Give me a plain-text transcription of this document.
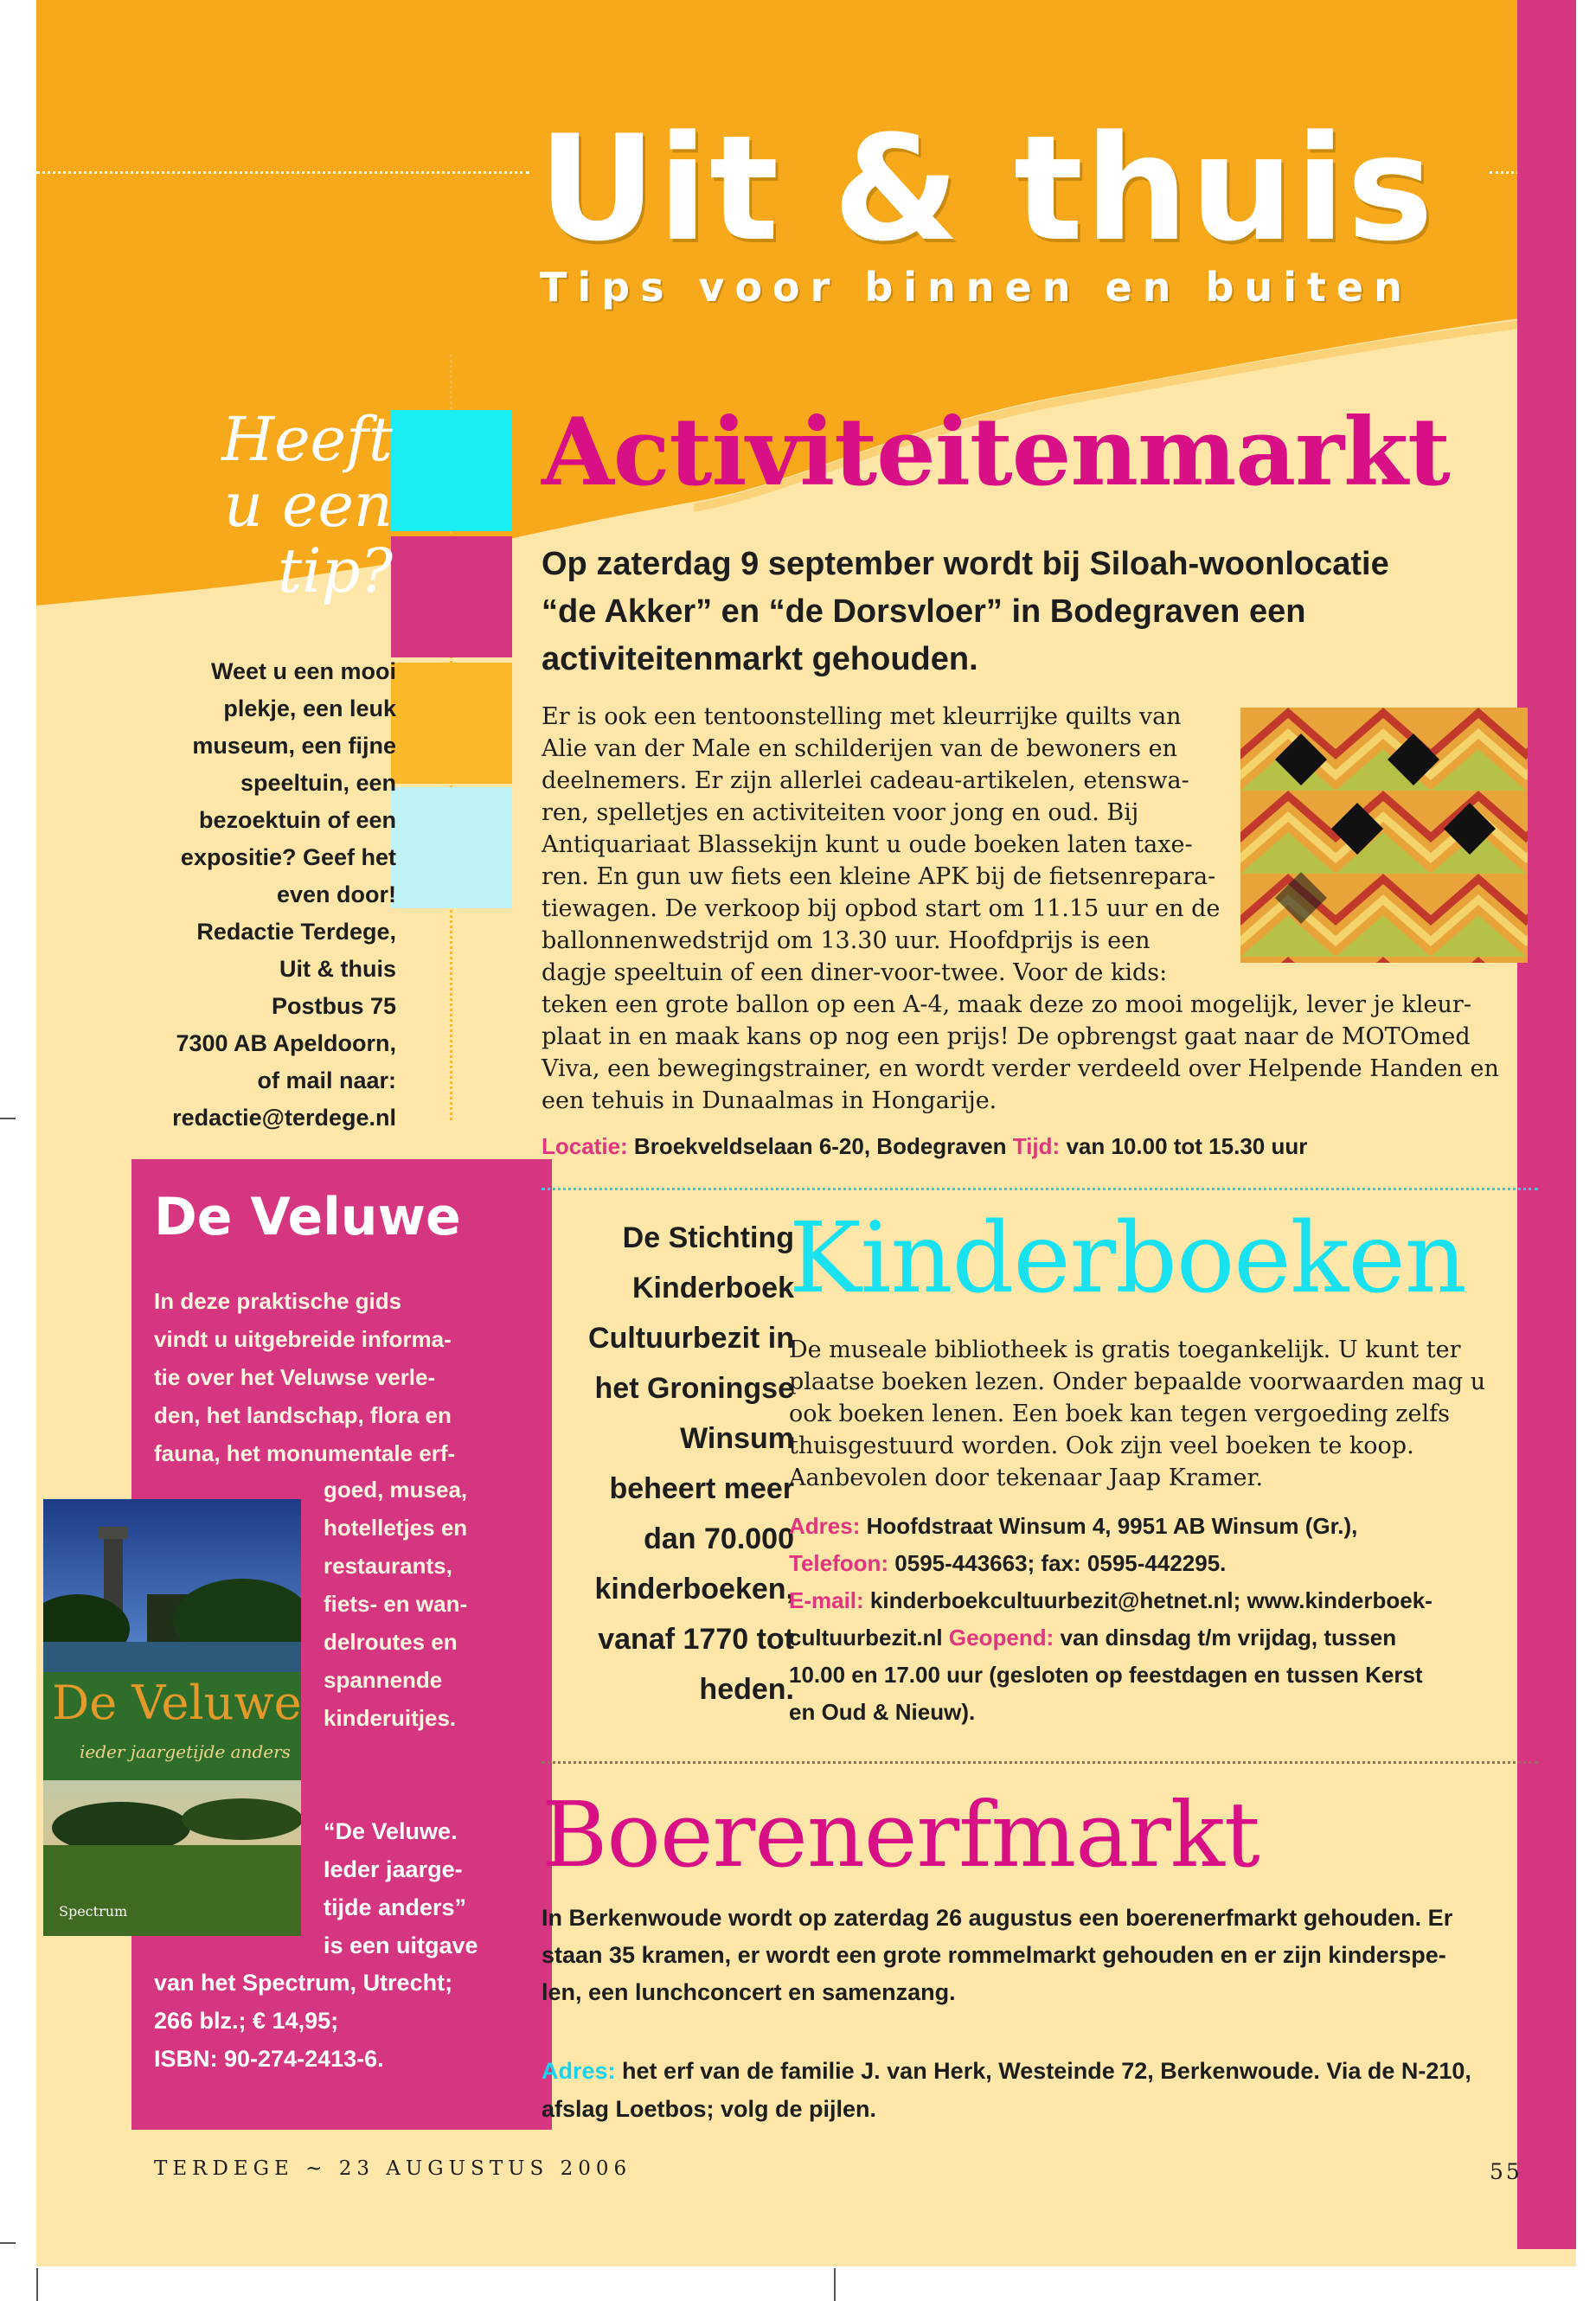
Uit & thuis
Tips voor binnen en buiten
Heeft
u een
tip?
Weet u een mooi
plekje, een leuk
museum, een fijne
speeltuin, een
bezoektuin of een
expositie? Geef het
even door!
Redactie Terdege,
Uit & thuis
Postbus 75
7300 AB Apeldoorn,
of mail naar:
redactie@terdege.nl
De Veluwe
In deze praktische gids
vindt u uitgebreide informa-
tie over het Veluwse verle-
den, het landschap, flora en
fauna, het monumentale erf-
goed, musea,
hotelletjes en
restaurants,
fiets- en wan-
delroutes en
spannende
kinderuitjes.
“De Veluwe.
Ieder jaarge-
tijde anders”
is een uitgave
van het Spectrum, Utrecht;
266 blz.; € 14,95;
ISBN: 90-274-2413-6.
De Veluwe
ieder jaargetijde anders
Spectrum
Activiteitenmarkt
Op zaterdag 9 september wordt bij Siloah-woonlocatie
“de Akker” en “de Dorsvloer” in Bodegraven een
activiteitenmarkt gehouden.
Er is ook een tentoonstelling met kleurrijke quilts van
Alie van der Male en schilderijen van de bewoners en
deelnemers. Er zijn allerlei cadeau-artikelen, etenswa-
ren, spelletjes en activiteiten voor jong en oud. Bij
Antiquariaat Blassekijn kunt u oude boeken laten taxe-
ren. En gun uw fiets een kleine APK bij de fietsenrepara-
tiewagen. De verkoop bij opbod start om 11.15 uur en de
ballonnenwedstrijd om 13.30 uur. Hoofdprijs is een
dagje speeltuin of een diner-voor-twee. Voor de kids:
teken een grote ballon op een A-4, maak deze zo mooi mogelijk, lever je kleur-
plaat in en maak kans op nog een prijs! De opbrengst gaat naar de MOTOmed
Viva, een bewegingstrainer, en wordt verder verdeeld over Helpende Handen en
een tehuis in Dunaalmas in Hongarije.
Locatie: Broekveldselaan 6-20, Bodegraven Tijd: van 10.00 tot 15.30 uur
De Stichting
Kinderboek
Cultuurbezit in
het Groningse
Winsum
beheert meer
dan 70.000
kinderboeken,
vanaf 1770 tot
heden.
Kinderboeken
De museale bibliotheek is gratis toegankelijk. U kunt ter
plaatse boeken lezen. Onder bepaalde voorwaarden mag u
ook boeken lenen. Een boek kan tegen vergoeding zelfs
thuisgestuurd worden. Ook zijn veel boeken te koop.
Aanbevolen door tekenaar Jaap Kramer.
Adres: Hoofdstraat Winsum 4, 9951 AB Winsum (Gr.),
Telefoon: 0595-443663; fax: 0595-442295.
E-mail: kinderboekcultuurbezit@hetnet.nl; www.kinderboek-
cultuurbezit.nl Geopend: van dinsdag t/m vrijdag, tussen
10.00 en 17.00 uur (gesloten op feestdagen en tussen Kerst
en Oud & Nieuw).
Boerenerfmarkt
In Berkenwoude wordt op zaterdag 26 augustus een boerenerfmarkt gehouden. Er
staan 35 kramen, er wordt een grote rommelmarkt gehouden en er zijn kinderspe-
len, een lunchconcert en samenzang.
Adres: het erf van de familie J. van Herk, Westeinde 72, Berkenwoude. Via de N-210,
afslag Loetbos; volg de pijlen.
TERDEGE ~ 23 AUGUSTUS 2006	55
